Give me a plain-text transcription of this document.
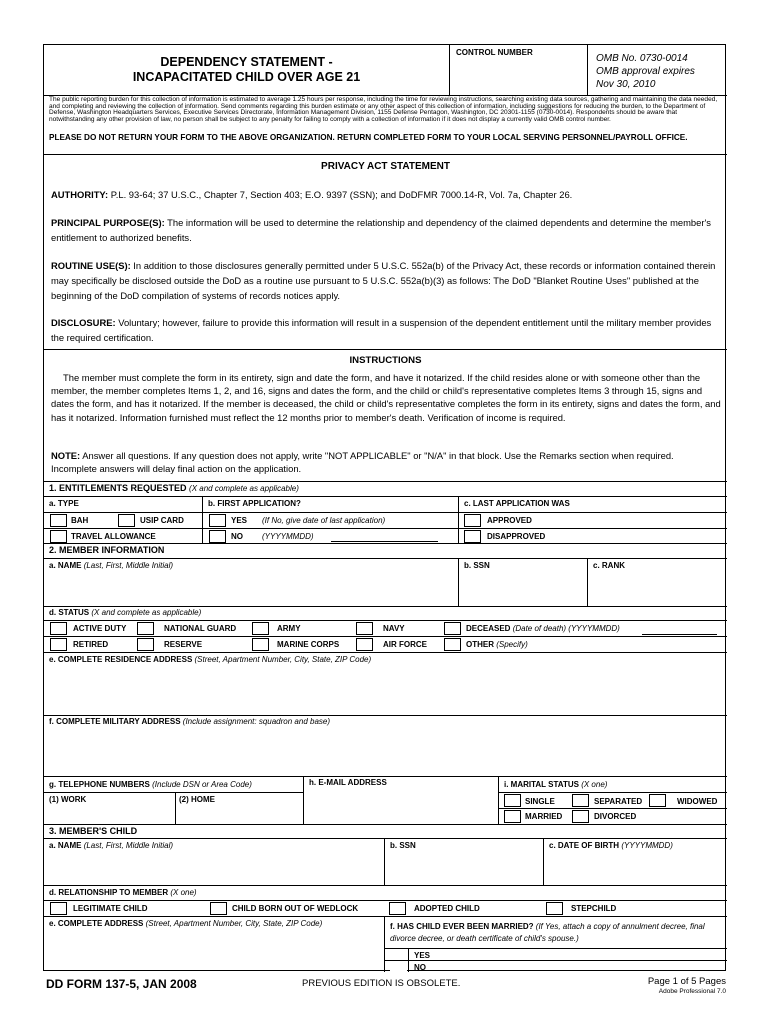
DEPENDENCY STATEMENT -
INCAPACITATED CHILD OVER AGE 21
CONTROL NUMBER
OMB No. 0730-0014
OMB approval expires
Nov 30, 2010
The public reporting burden for this collection of information is estimated to average 1.25 hours per response, including the time for reviewing instructions, searching existing data sources, gathering and maintaining the data needed, and completing and reviewing the collection of information. Send comments regarding this burden estimate or any other aspect of this collection of information, including suggestions for reducing the burden, to the Department of Defense, Washington Headquarters Services, Executive Services Directorate, Information Management Division, 1155 Defense Pentagon, Washington, DC 20301-1155 (0730-0014). Respondents should be aware that notwithstanding any other provision of law, no person shall be subject to any penalty for failing to comply with a collection of information if it does not display a currently valid OMB control number.
PLEASE DO NOT RETURN YOUR FORM TO THE ABOVE ORGANIZATION. RETURN COMPLETED FORM TO YOUR LOCAL SERVING PERSONNEL/PAYROLL OFFICE.
PRIVACY ACT STATEMENT
AUTHORITY: P.L. 93-64; 37 U.S.C., Chapter 7, Section 403; E.O. 9397 (SSN); and DoDFMR 7000.14-R, Vol. 7a, Chapter 26.
PRINCIPAL PURPOSE(S): The information will be used to determine the relationship and dependency of the claimed dependents and determine the member's entitlement to authorized benefits.
ROUTINE USE(S): In addition to those disclosures generally permitted under 5 U.S.C. 552a(b) of the Privacy Act, these records or information contained therein may specifically be disclosed outside the DoD as a routine use pursuant to 5 U.S.C. 552a(b)(3) as follows: The DoD "Blanket Routine Uses" published at the beginning of the DoD compilation of systems of records notices apply.
DISCLOSURE: Voluntary; however, failure to provide this information will result in a suspension of the dependent entitlement until the military member provides the required certification.
INSTRUCTIONS
The member must complete the form in its entirety, sign and date the form, and have it notarized. If the child resides alone or with someone other than the member, the member completes Items 1, 2, and 16, signs and dates the form, and the child or child's representative completes Items 3 through 15, signs and dates the form, and has it notarized. If the member is deceased, the child or child's representative completes the form in its entirety, signs and dates the form, and has it notarized. Information furnished must reflect the 12 months prior to member's death. Verification of income is required.
NOTE: Answer all questions. If any question does not apply, write "NOT APPLICABLE" or "N/A" in that block. Use the Remarks section when required. Incomplete answers will delay final action on the application.
1. ENTITLEMENTS REQUESTED (X and complete as applicable)
a. TYPE	b. FIRST APPLICATION?	c. LAST APPLICATION WAS
BAH	USIP CARD	YES (If No, give date of last application)	APPROVED
TRAVEL ALLOWANCE	NO (YYYYMMDD)	DISAPPROVED
2. MEMBER INFORMATION
a. NAME (Last, First, Middle Initial)	b. SSN	c. RANK
d. STATUS (X and complete as applicable)
ACTIVE DUTY	NATIONAL GUARD	ARMY	NAVY	DECEASED (Date of death) (YYYYMMDD)
RETIRED	RESERVE	MARINE CORPS	AIR FORCE	OTHER (Specify)
e. COMPLETE RESIDENCE ADDRESS (Street, Apartment Number, City, State, ZIP Code)
f. COMPLETE MILITARY ADDRESS (Include assignment: squadron and base)
g. TELEPHONE NUMBERS (Include DSN or Area Code)	h. E-MAIL ADDRESS	i. MARITAL STATUS (X one)
(1) WORK	(2) HOME	SINGLE	SEPARATED	WIDOWED
MARRIED	DIVORCED
3. MEMBER'S CHILD
a. NAME (Last, First, Middle Initial)	b. SSN	c. DATE OF BIRTH (YYYYMMDD)
d. RELATIONSHIP TO MEMBER (X one)
LEGITIMATE CHILD	CHILD BORN OUT OF WEDLOCK	ADOPTED CHILD	STEPCHILD
e. COMPLETE ADDRESS (Street, Apartment Number, City, State, ZIP Code)	f. HAS CHILD EVER BEEN MARRIED? (If Yes, attach a copy of annulment decree, final divorce decree, or death certificate of child's spouse.)
YES
NO
DD FORM 137-5, JAN 2008	PREVIOUS EDITION IS OBSOLETE.	Page 1 of 5 Pages
Adobe Professional 7.0
